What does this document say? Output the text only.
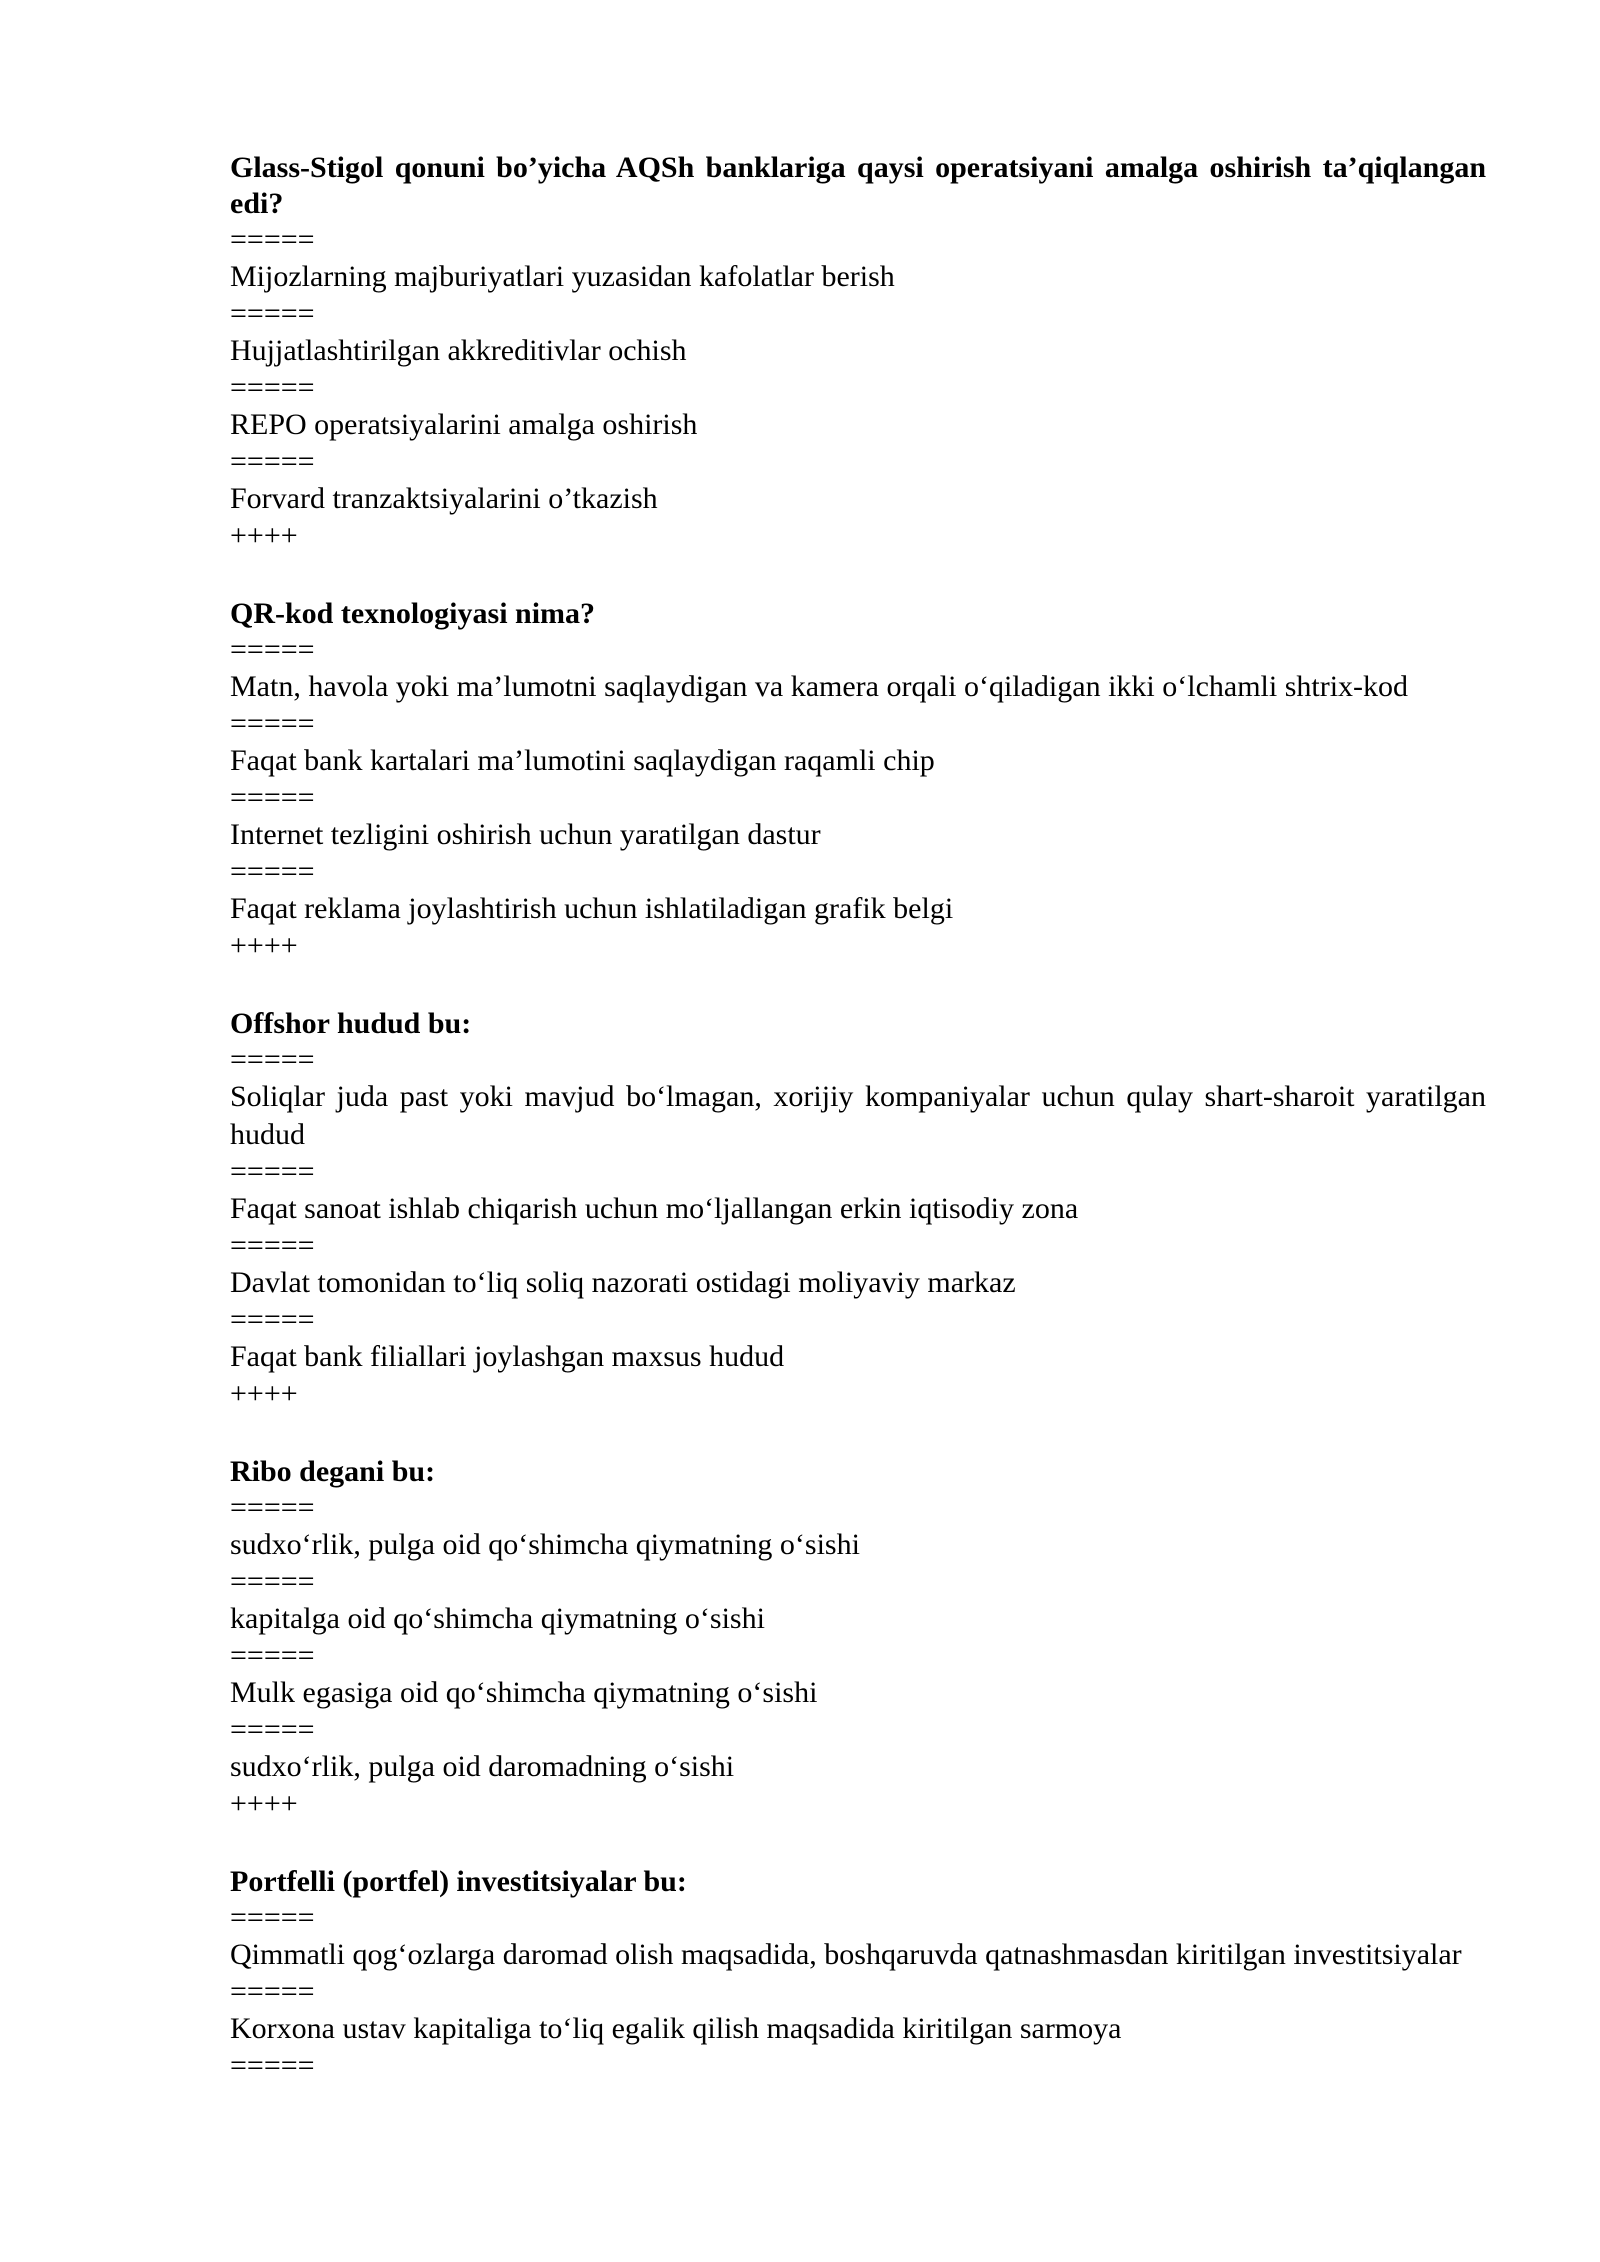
Glass-Stigol qonuni bo’yicha AQSh banklariga qaysi operatsiyani amalga oshirish ta’qiqlangan edi?
=====
Mijozlarning majburiyatlari yuzasidan kafolatlar berish
=====
Hujjatlashtirilgan akkreditivlar ochish
=====
REPO operatsiyalarini amalga oshirish
=====
Forvard tranzaktsiyalarini o’tkazish
++++
QR-kod texnologiyasi nima?
=====
Matn, havola yoki ma’lumotni saqlaydigan va kamera orqali o‘qiladigan ikki o‘lchamli shtrix-kod
=====
Faqat bank kartalari ma’lumotini saqlaydigan raqamli chip
=====
Internet tezligini oshirish uchun yaratilgan dastur
=====
Faqat reklama joylashtirish uchun ishlatiladigan grafik belgi
++++
Offshor hudud bu:
=====
Soliqlar juda past yoki mavjud bo‘lmagan, xorijiy kompaniyalar uchun qulay shart-sharoit yaratilgan hudud
=====
Faqat sanoat ishlab chiqarish uchun mo‘ljallangan erkin iqtisodiy zona
=====
Davlat tomonidan to‘liq soliq nazorati ostidagi moliyaviy markaz
=====
Faqat bank filiallari joylashgan maxsus hudud
++++
Ribo degani bu:
=====
sudxo‘rlik, pulga oid qo‘shimcha qiymatning o‘sishi
=====
kapitalga oid qo‘shimcha qiymatning o‘sishi
=====
Mulk egasiga oid qo‘shimcha qiymatning o‘sishi
=====
sudxo‘rlik, pulga oid daromadning o‘sishi
++++
Portfelli (portfel) investitsiyalar bu:
=====
Qimmatli qog‘ozlarga daromad olish maqsadida, boshqaruvda qatnashmasdan kiritilgan investitsiyalar
=====
Korxona ustav kapitaliga to‘liq egalik qilish maqsadida kiritilgan sarmoya
=====
